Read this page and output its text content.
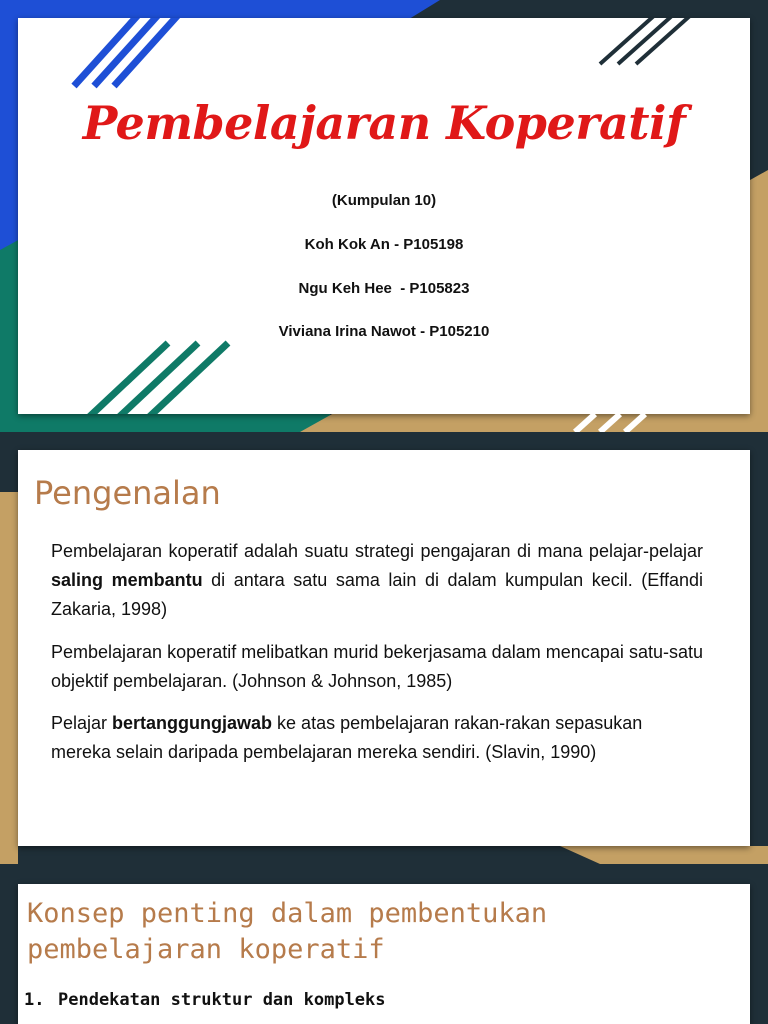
Pembelajaran Koperatif
(Kumpulan 10)
Koh Kok An - P105198
Ngu Keh Hee  - P105823
Viviana Irina Nawot - P105210
Pengenalan

Pembelajaran koperatif adalah suatu strategi pengajaran di mana pelajar-pelajar saling membantu di antara satu sama lain di dalam kumpulan kecil. (Effandi Zakaria, 1998)

Pembelajaran koperatif melibatkan murid bekerjasama dalam mencapai satu-satu objektif pembelajaran. (Johnson & Johnson, 1985)

Pelajar bertanggungjawab ke atas pembelajaran rakan-rakan sepasukan mereka selain daripada pembelajaran mereka sendiri. (Slavin, 1990)

Konsep penting dalam pembentukan
pembelajaran koperatif
1. Pendekatan struktur dan kompleks
